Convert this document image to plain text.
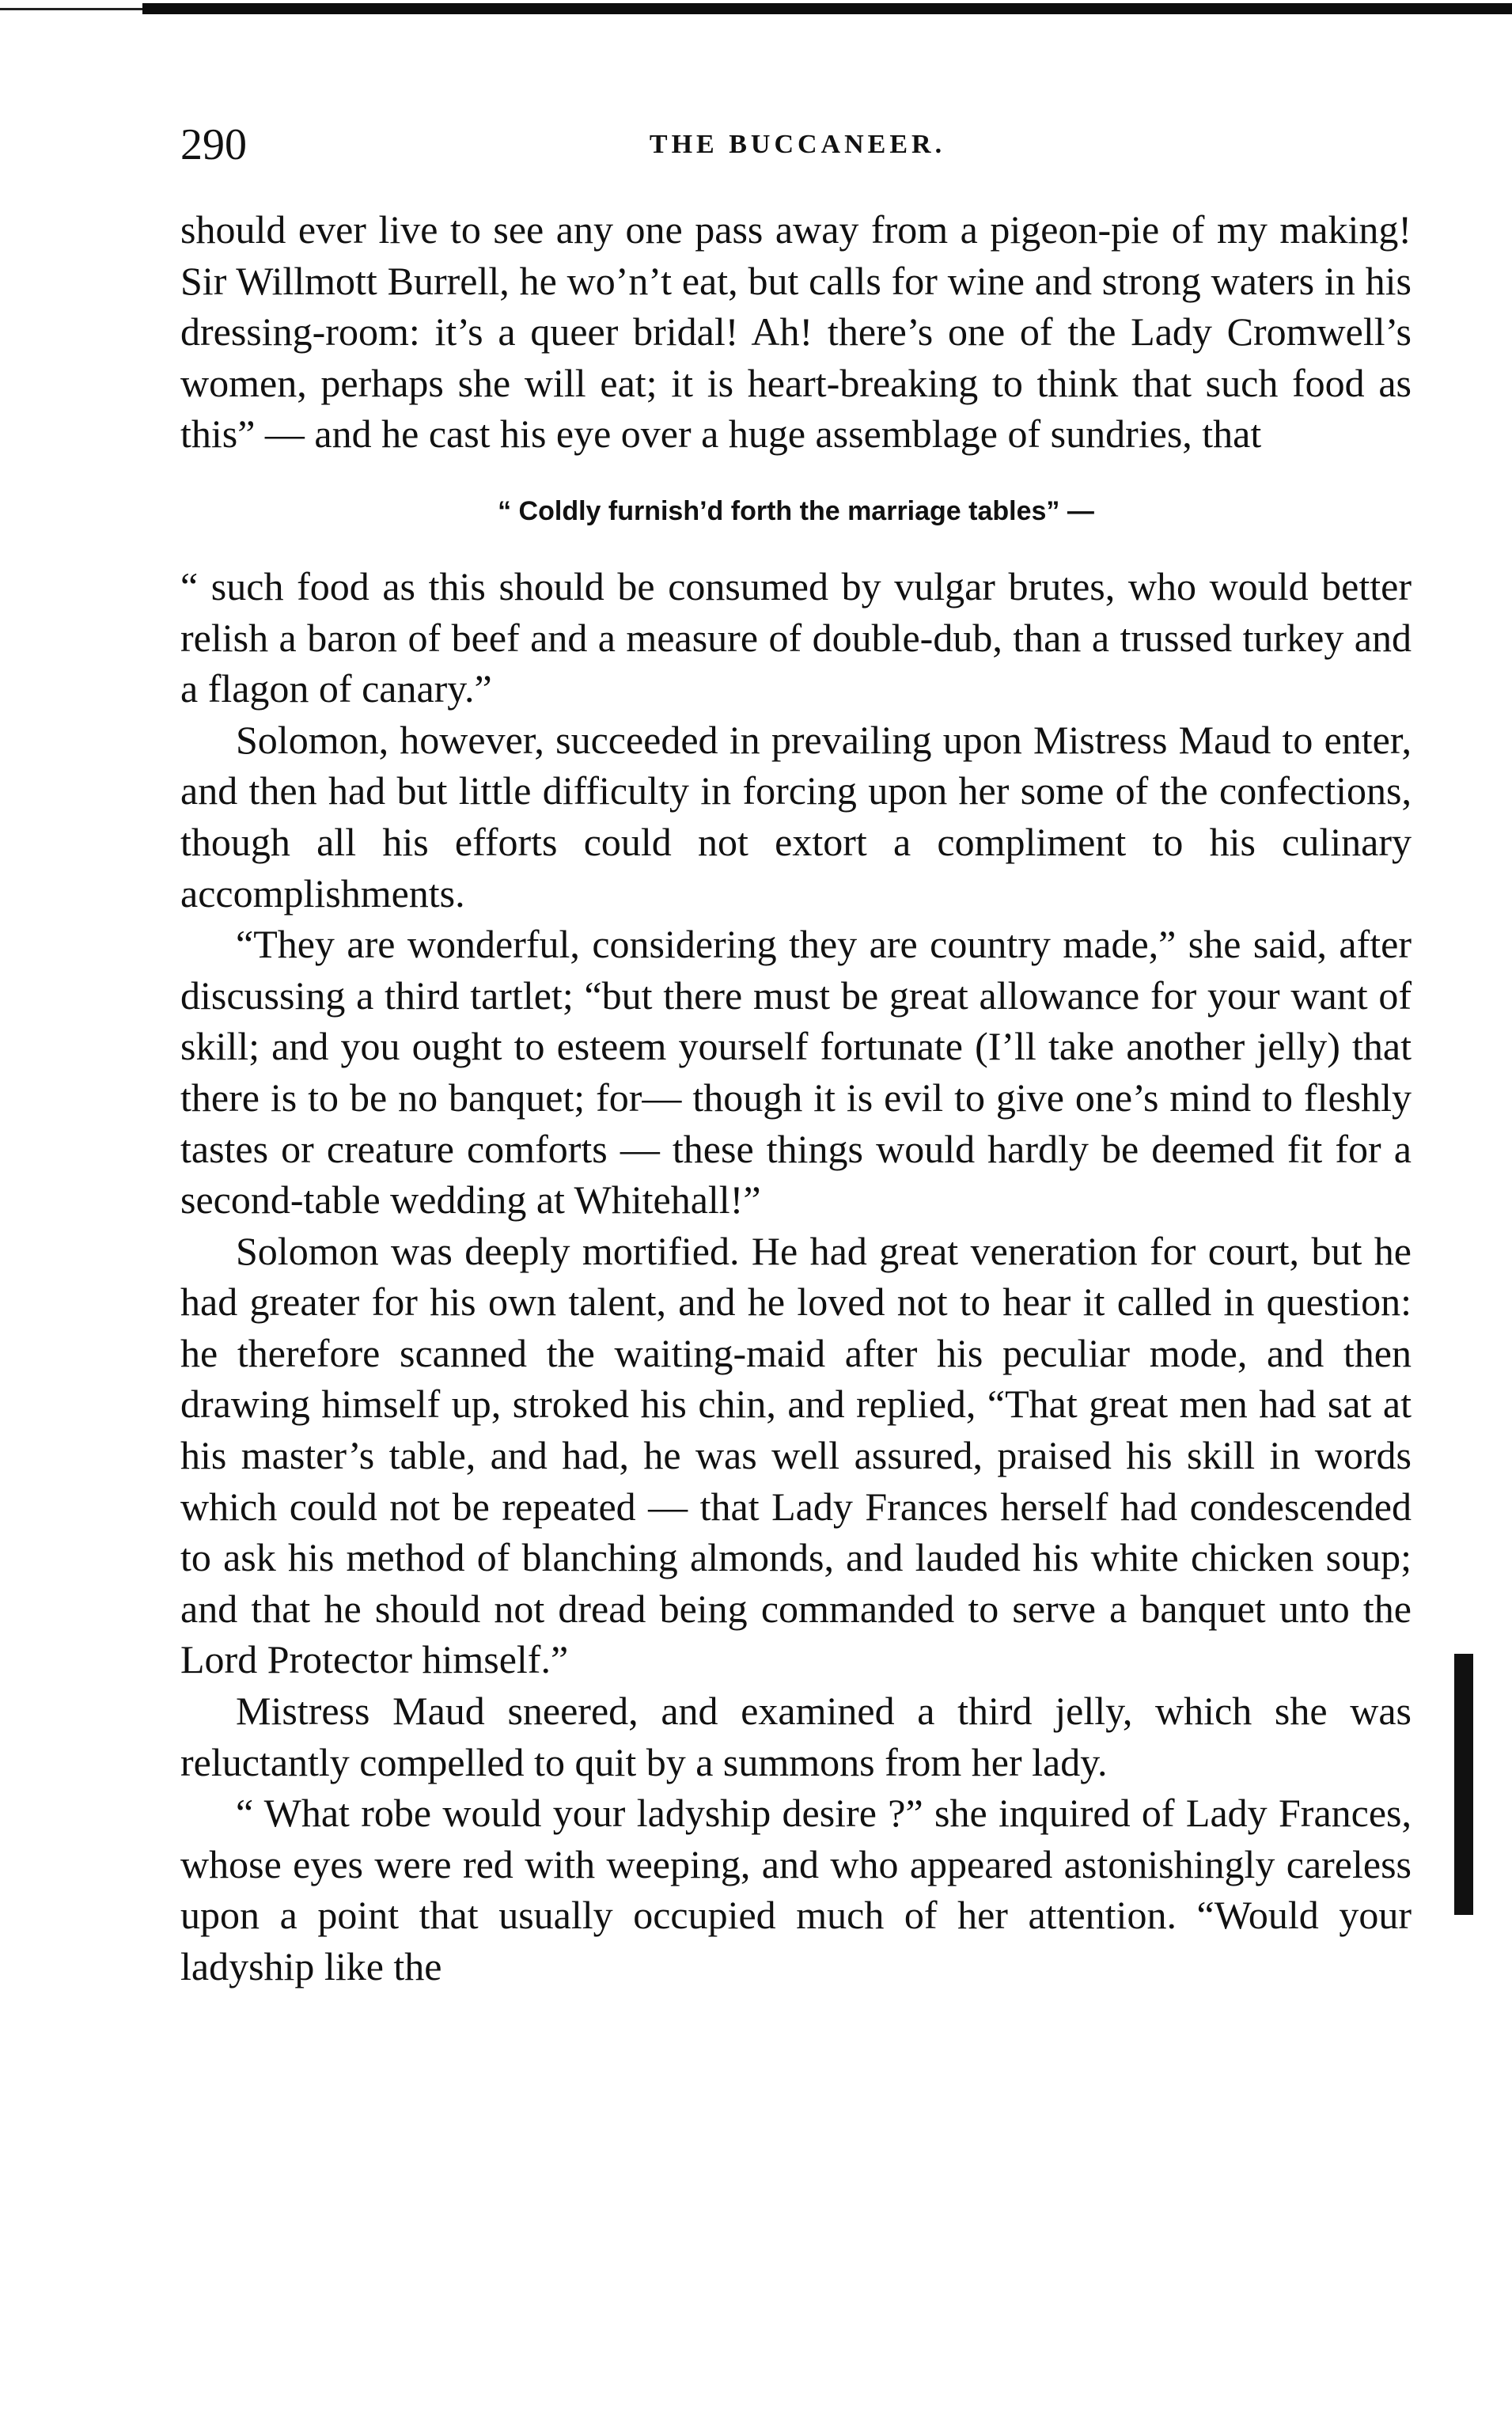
290	THE BUCCANEER.

should ever live to see any one pass away from a pigeon-pie of my making! Sir Willmott Burrell, he wo’n’t eat, but calls for wine and strong waters in his dressing-room: it’s a queer bridal! Ah! there’s one of the Lady Cromwell’s women, perhaps she will eat; it is heart-breaking to think that such food as this” — and he cast his eye over a huge assemblage of sundries, that

“ Coldly furnish’d forth the marriage tables” —

“ such food as this should be consumed by vulgar brutes, who would better relish a baron of beef and a measure of double-dub, than a trussed turkey and a flagon of canary.”

Solomon, however, succeeded in prevailing upon Mistress Maud to enter, and then had but little difficulty in forcing upon her some of the confections, though all his efforts could not extort a compliment to his culinary accomplishments.

“They are wonderful, considering they are country made,” she said, after discussing a third tartlet; “but there must be great allowance for your want of skill; and you ought to esteem yourself fortunate (I’ll take another jelly) that there is to be no banquet; for— though it is evil to give one’s mind to fleshly tastes or creature comforts — these things would hardly be deemed fit for a second-table wedding at Whitehall!”

Solomon was deeply mortified. He had great veneration for court, but he had greater for his own talent, and he loved not to hear it called in question: he therefore scanned the waiting-maid after his peculiar mode, and then drawing himself up, stroked his chin, and replied, “That great men had sat at his master’s table, and had, he was well assured, praised his skill in words which could not be repeated — that Lady Frances herself had condescended to ask his method of blanching almonds, and lauded his white chicken soup; and that he should not dread being commanded to serve a banquet unto the Lord Protector himself.”

Mistress Maud sneered, and examined a third jelly, which she was reluctantly compelled to quit by a summons from her lady.

“ What robe would your ladyship desire ?” she inquired of Lady Frances, whose eyes were red with weeping, and who appeared astonishingly careless upon a point that usually occupied much of her attention. “Would your ladyship like the
